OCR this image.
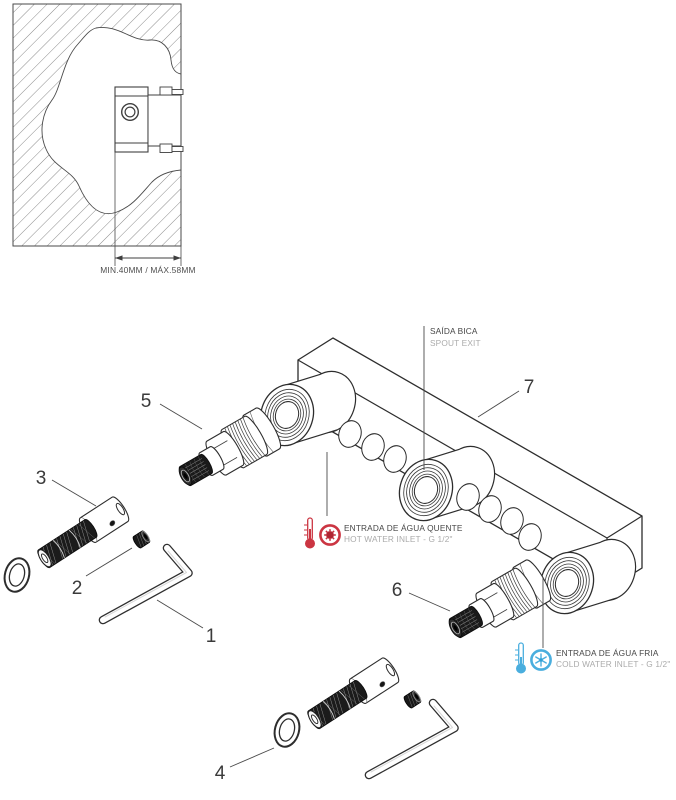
MIN.40MM / MÁX.58MM
1
2
3
4
5
6
7
SAÍDA BICA
SPOUT EXIT
ENTRADA DE ÁGUA QUENTE
HOT WATER INLET - G 1/2"
ENTRADA DE ÁGUA FRIA
COLD WATER INLET - G 1/2"
